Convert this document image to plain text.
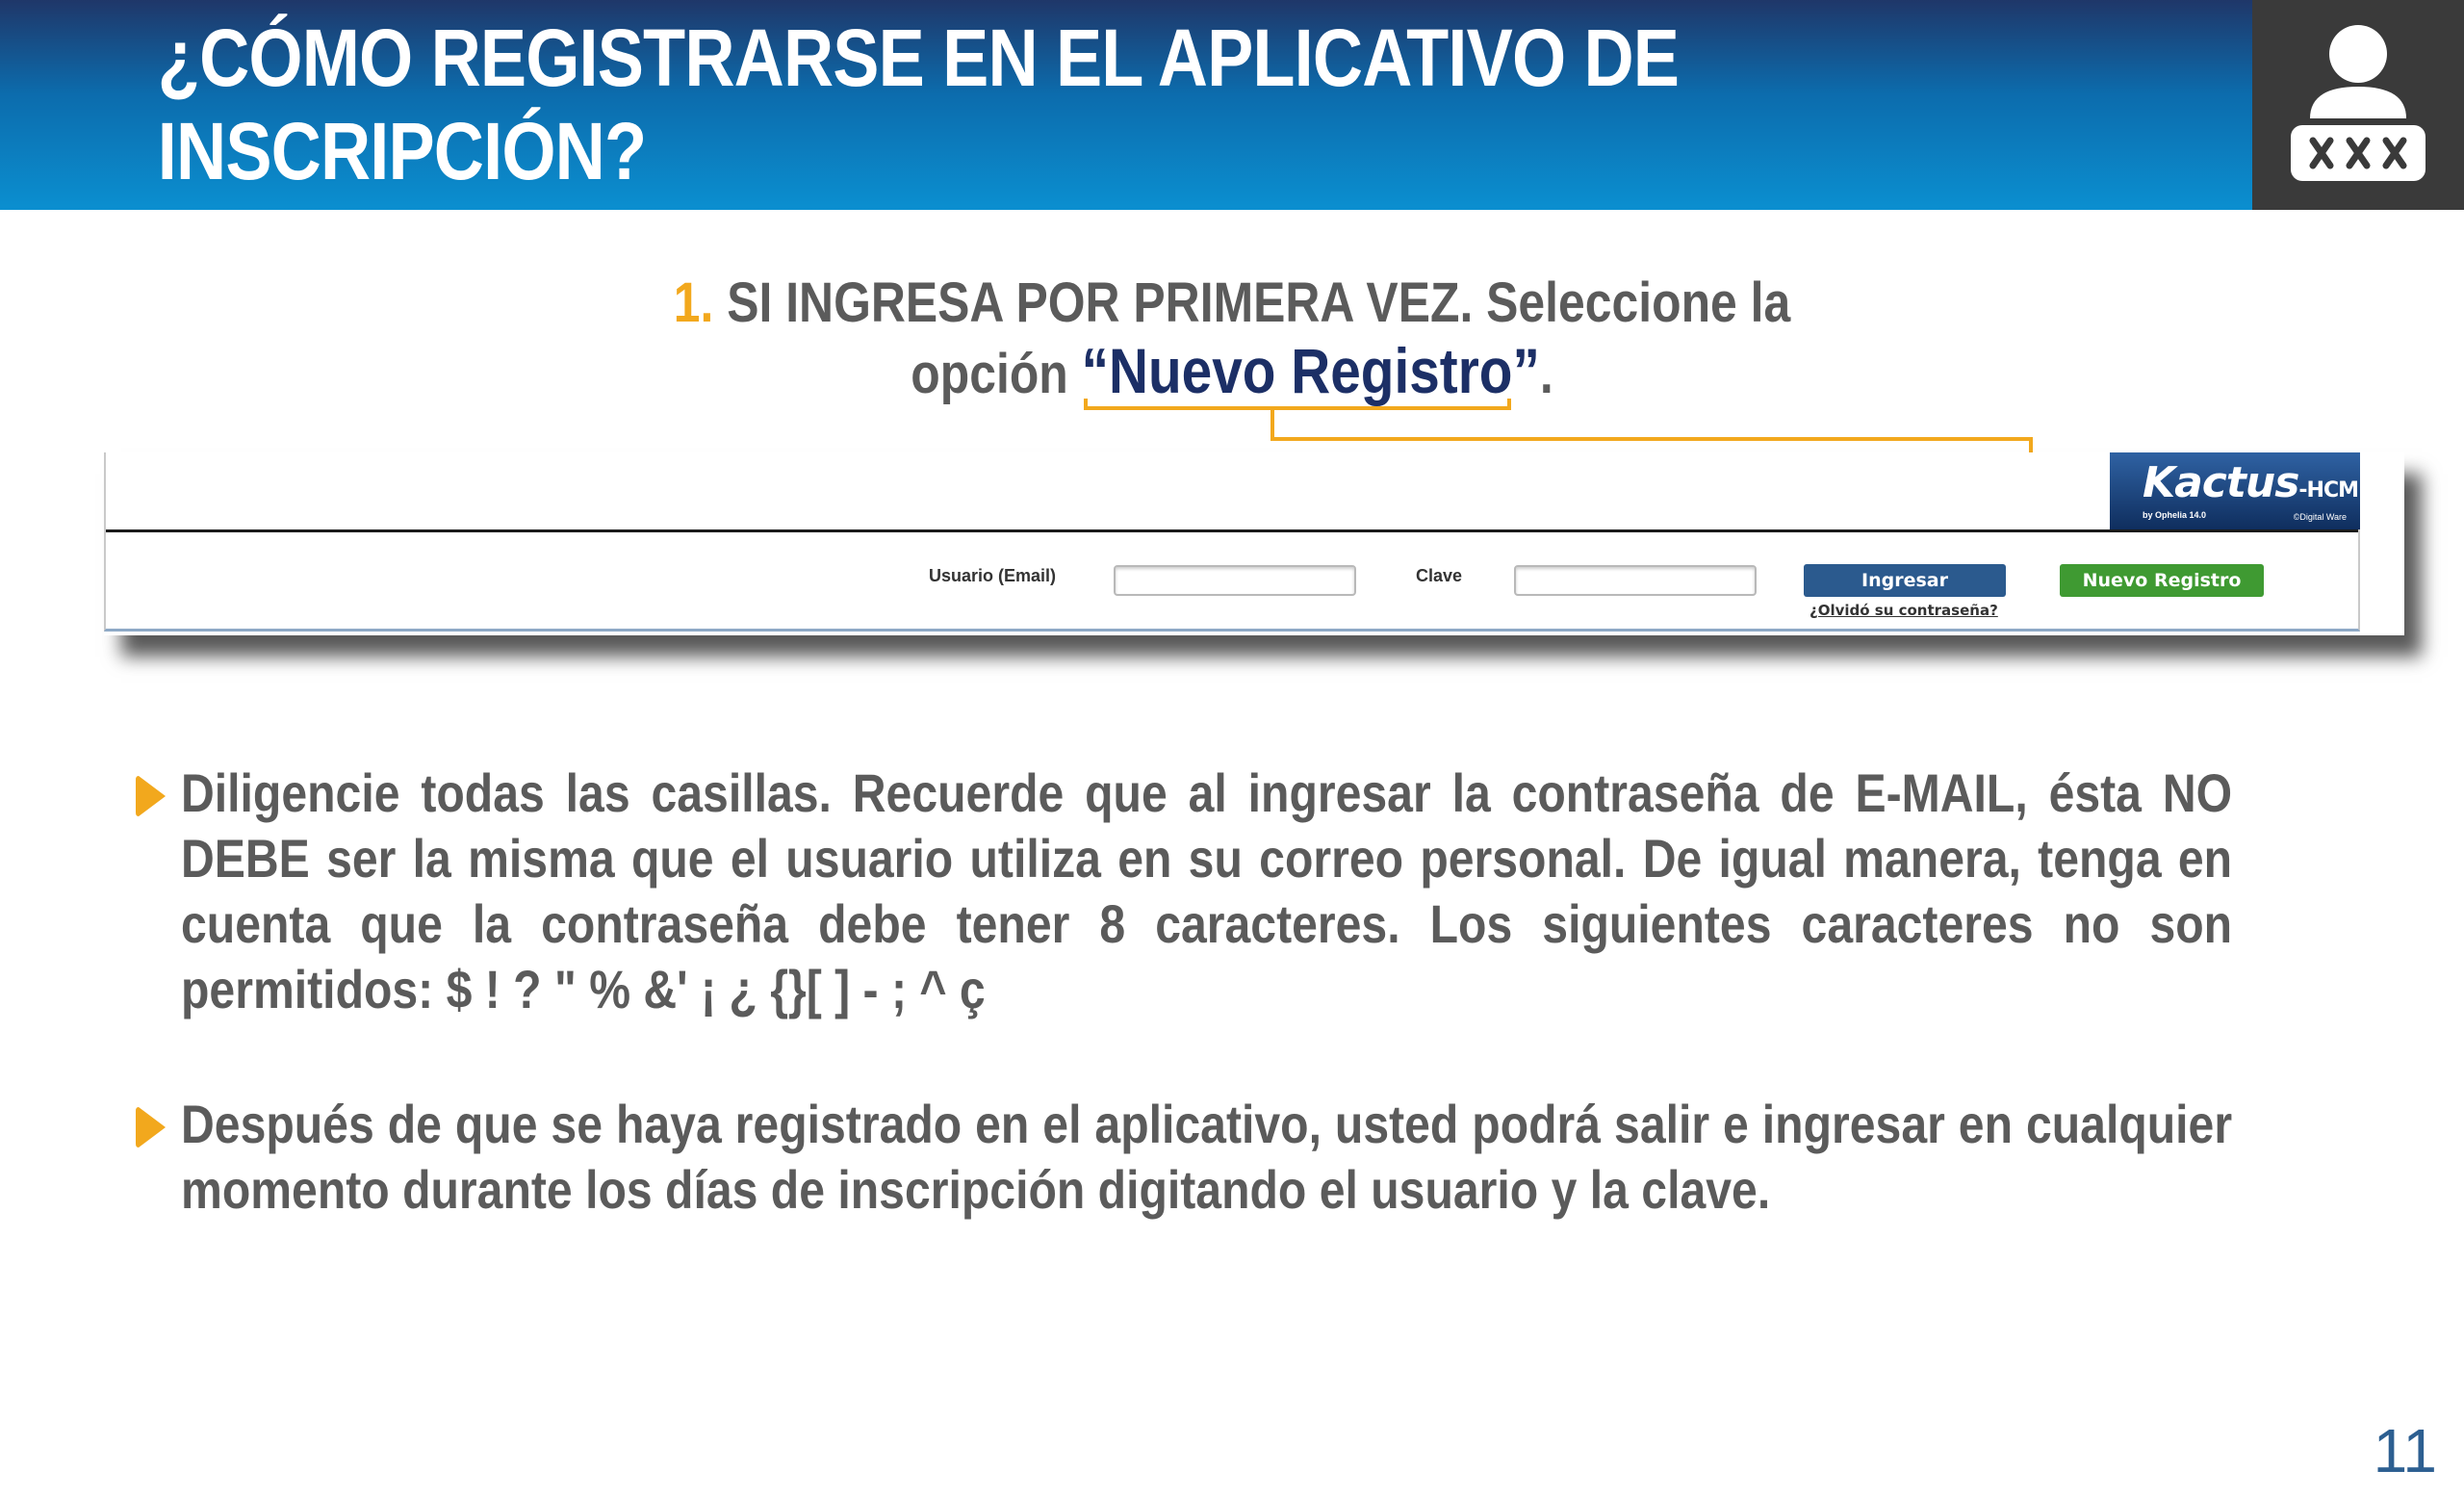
¿CÓMO REGISTRARSE EN EL APLICATIVO DE INSCRIPCIÓN?
1. SI INGRESA POR PRIMERA VEZ. Seleccione la
opción “Nuevo Registro”.
Kactus-HCM
by Ophelia 14.0	©Digital Ware
Usuario (Email)	Clave	Ingresar
¿Olvidó su contraseña?
Nuevo Registro
Diligencie todas las casillas. Recuerde que al ingresar la contraseña de E-MAIL, ésta NO DEBE ser la misma que el usuario utiliza en su correo personal. De igual manera, tenga en cuenta que la contraseña debe tener 8 caracteres. Los siguientes caracteres no son permitidos: $ ! ? " % &' ¡ ¿ {}[ ] - ; ^ ç
Después de que se haya registrado en el aplicativo, usted podrá salir e ingresar en cualquier momento durante los días de inscripción digitando el usuario y la clave.
11
